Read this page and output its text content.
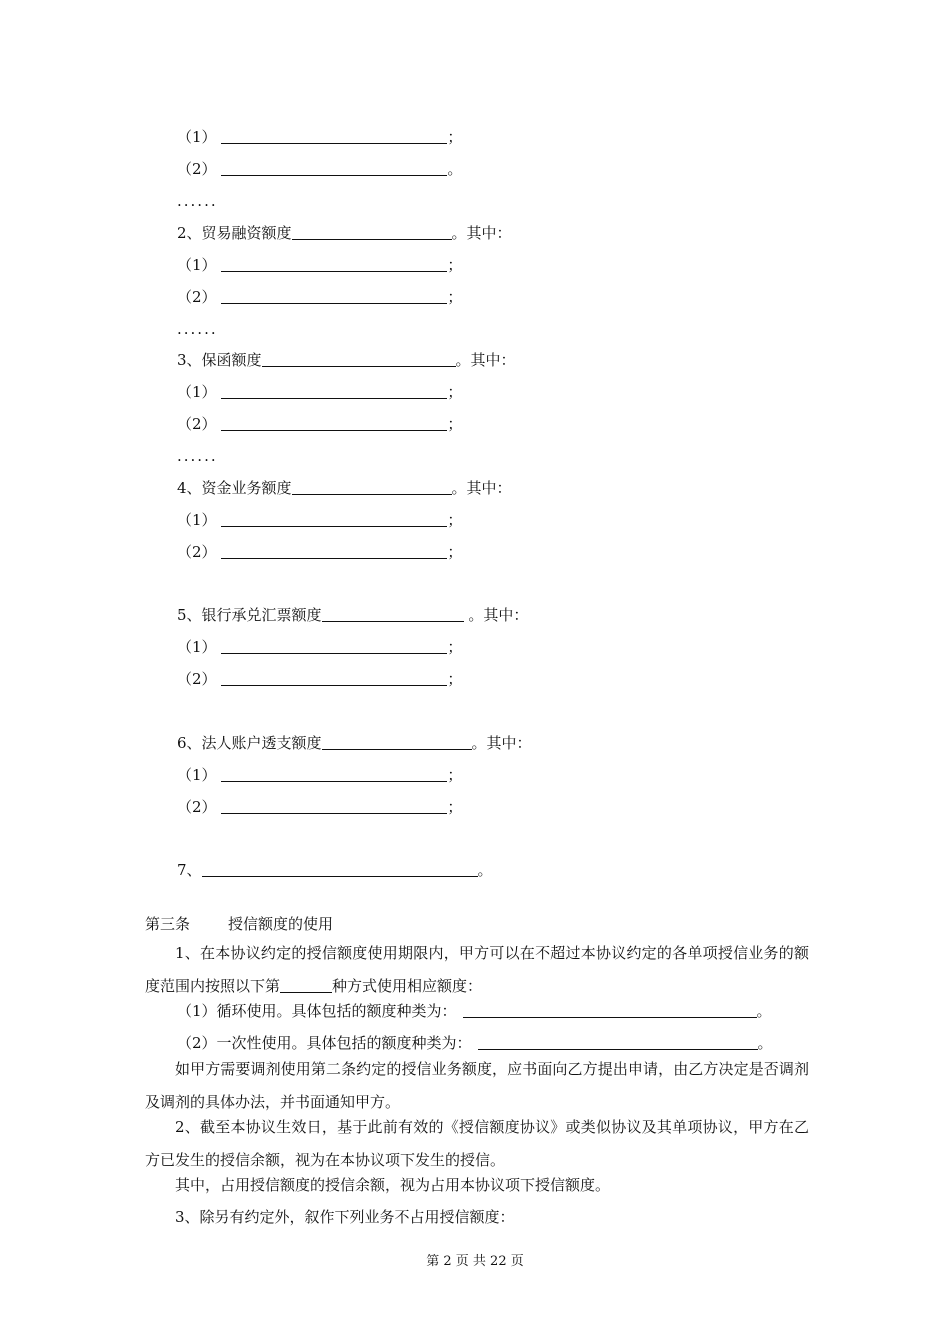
（1）	；
（2）	。
......
2、贸易融资额度	。其中：
（1）	；
（2）	；
......
3、保函额度	。其中：
（1）	；
（2）	；
......
4、资金业务额度	。其中：
（1）	；
（2）	；
5、银行承兑汇票额度	。其中：
（1）	；
（2）	；
6、法人账户透支额度	。其中：
（1）	；
（2）	；
7、	。
第三条	授信额度的使用
1、在本协议约定的授信额度使用期限内，甲方可以在不超过本协议约定的各单项授信业务的额度范围内按照以下第	种方式使用相应额度：
（1）循环使用。具体包括的额度种类为：	。
（2）一次性使用。具体包括的额度种类为：	。
如甲方需要调剂使用第二条约定的授信业务额度，应书面向乙方提出申请，由乙方决定是否调剂及调剂的具体办法，并书面通知甲方。
2、截至本协议生效日，基于此前有效的《授信额度协议》或类似协议及其单项协议，甲方在乙方已发生的授信余额，视为在本协议项下发生的授信。
其中，占用授信额度的授信余额，视为占用本协议项下授信额度。
3、除另有约定外，叙作下列业务不占用授信额度：
第 2 页 共 22 页
